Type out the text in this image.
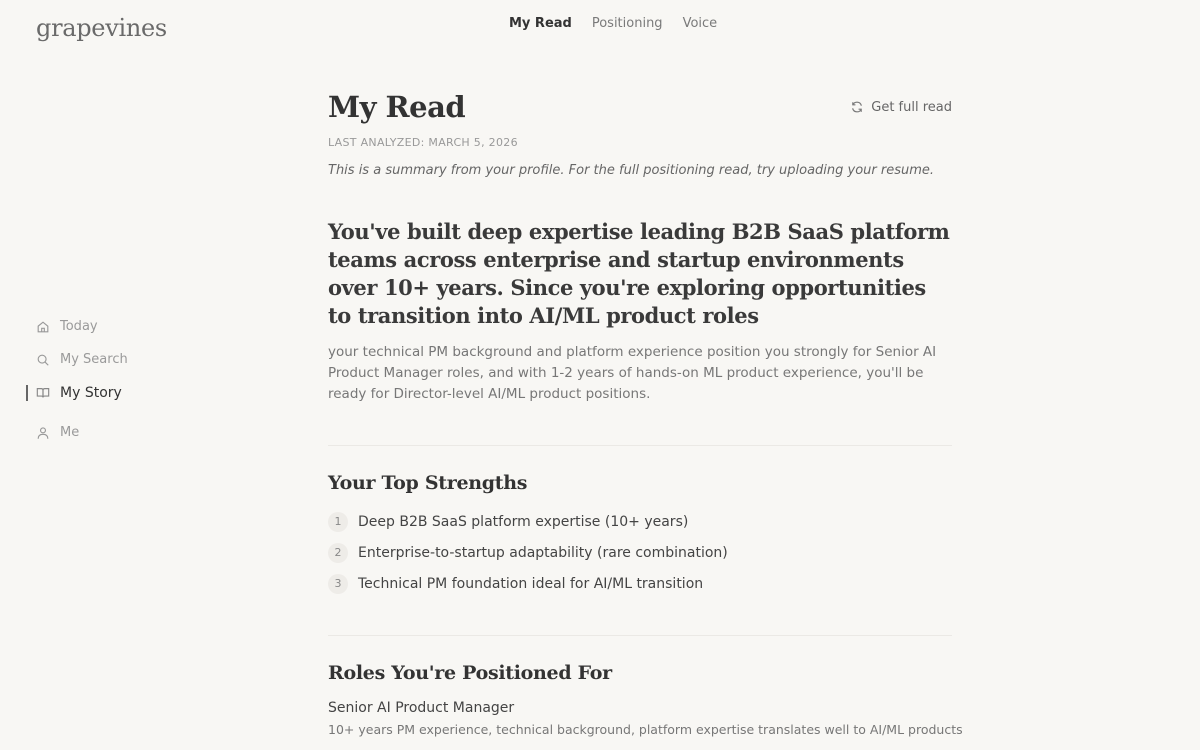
grapevines	My Read Positioning Voice
Today
My Search
My Story
Me
My Read	Get full read
LAST ANALYZED: MARCH 5, 2026

This is a summary from your profile. For the full positioning read, try uploading your resume.

You've built deep expertise leading B2B SaaS platform teams across enterprise and startup environments over 10+ years. Since you're exploring opportunities to transition into AI/ML product roles

your technical PM background and platform experience position you strongly for Senior AI Product Manager roles, and with 1-2 years of hands-on ML product experience, you'll be ready for Director-level AI/ML product positions.

Your Top Strengths
1	Deep B2B SaaS platform expertise (10+ years)
2	Enterprise-to-startup adaptability (rare combination)
3	Technical PM foundation ideal for AI/ML transition
Roles You're Positioned For
Senior AI Product Manager
10+ years PM experience, technical background, platform expertise translates well to AI/ML products
